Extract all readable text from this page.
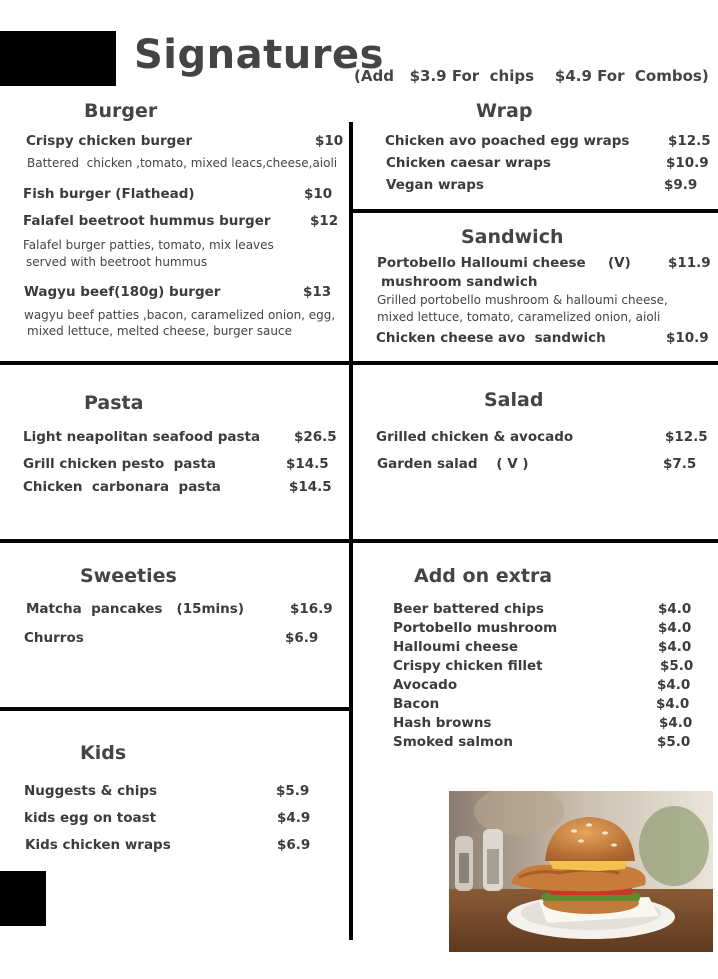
Signatures
(Add   $3.9 For  chips    $4.9 For  Combos)
Burger
Crispy chicken burger	$10
Battered  chicken ,tomato, mixed leacs,cheese,aioli
Fish burger (Flathead)	$10
Falafel beetroot hummus burger	$12
Falafel burger patties, tomato, mix leaves
served with beetroot hummus
Wagyu beef(180g) burger	$13
wagyu beef patties ,bacon, caramelized onion, egg,
mixed lettuce, melted cheese, burger sauce
Wrap
Chicken avo poached egg wraps	$12.5
Chicken caesar wraps	$10.9
Vegan wraps	$9.9
Sandwich
Portobello Halloumi cheese (V)	$11.9
mushroom sandwich
Grilled portobello mushroom & halloumi cheese,
mixed lettuce, tomato, caramelized onion, aioli
Chicken cheese avo  sandwich	$10.9
Pasta
Light neapolitan seafood pasta	$26.5
Grill chicken pesto  pasta	$14.5
Chicken  carbonara  pasta	$14.5
Salad
Grilled chicken & avocado	$12.5
Garden salad    ( V )	$7.5
Sweeties
Matcha  pancakes   (15mins)	$16.9
Churros	$6.9
Add on extra
Beer battered chips	$4.0
Portobello mushroom	$4.0
Halloumi cheese	$4.0
Crispy chicken fillet	$5.0
Avocado	$4.0
Bacon	$4.0
Hash browns	$4.0
Smoked salmon	$5.0
Kids
Nuggests & chips	$5.9
kids egg on toast	$4.9
Kids chicken wraps	$6.9
